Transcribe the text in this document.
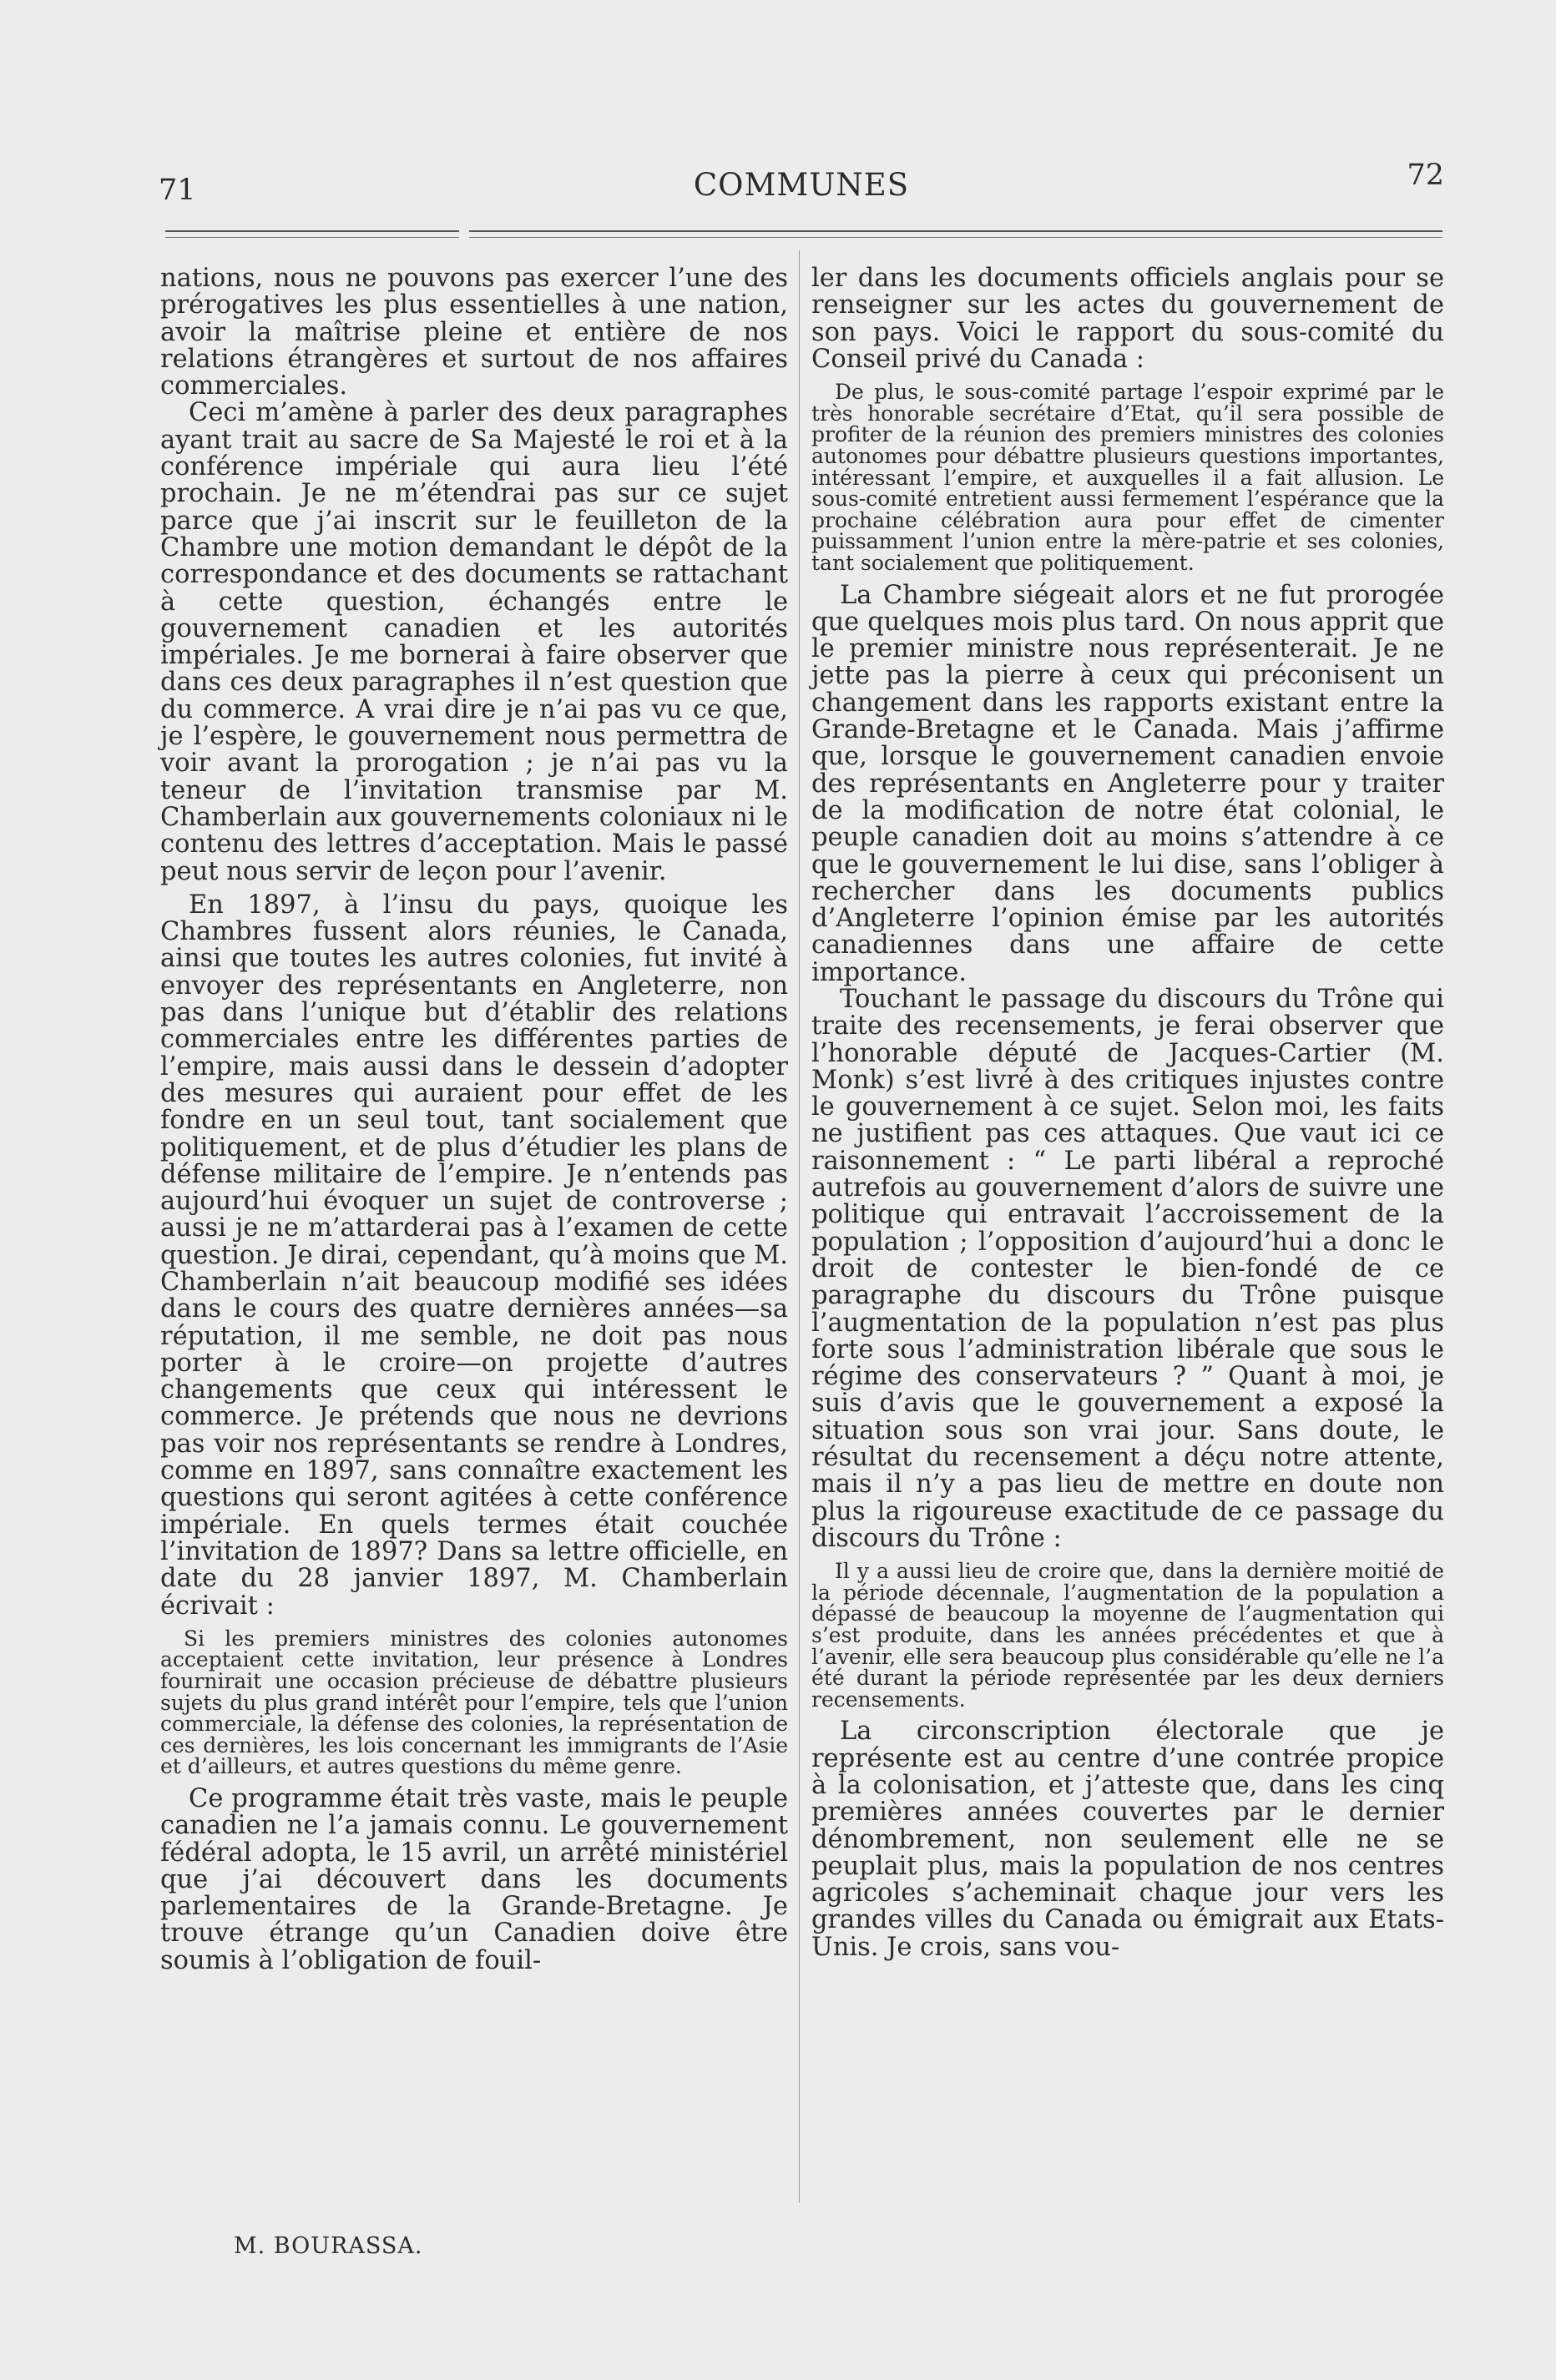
71	COMMUNES	72

nations, nous ne pouvons pas exercer l’une des prérogatives les plus essentielles à une nation, avoir la maîtrise pleine et entière de nos relations étrangères et surtout de nos affaires commerciales.

Ceci m’amène à parler des deux paragraphes ayant trait au sacre de Sa Majesté le roi et à la conférence impériale qui aura lieu l’été prochain. Je ne m’étendrai pas sur ce sujet parce que j’ai inscrit sur le feuilleton de la Chambre une motion demandant le dépôt de la correspondance et des documents se rattachant à cette question, échangés entre le gouvernement canadien et les autorités impériales. Je me bornerai à faire observer que dans ces deux paragraphes il n’est question que du commerce. A vrai dire je n’ai pas vu ce que, je l’espère, le gouvernement nous permettra de voir avant la prorogation ; je n’ai pas vu la teneur de l’invitation transmise par M. Chamberlain aux gouvernements coloniaux ni le contenu des lettres d’acceptation. Mais le passé peut nous servir de leçon pour l’avenir.

En 1897, à l’insu du pays, quoique les Chambres fussent alors réunies, le Canada, ainsi que toutes les autres colonies, fut invité à envoyer des représentants en Angleterre, non pas dans l’unique but d’établir des relations commerciales entre les différentes parties de l’empire, mais aussi dans le dessein d’adopter des mesures qui auraient pour effet de les fondre en un seul tout, tant socialement que politiquement, et de plus d’étudier les plans de défense militaire de l’empire. Je n’entends pas aujourd’hui évoquer un sujet de controverse ; aussi je ne m’attarderai pas à l’examen de cette question. Je dirai, cependant, qu’à moins que M. Chamberlain n’ait beaucoup modifié ses idées dans le cours des quatre dernières années—sa réputation, il me semble, ne doit pas nous porter à le croire—on projette d’autres changements que ceux qui intéressent le commerce. Je prétends que nous ne devrions pas voir nos représentants se rendre à Londres, comme en 1897, sans connaître exactement les questions qui seront agitées à cette conférence impériale. En quels termes était couchée l’invitation de 1897? Dans sa lettre officielle, en date du 28 janvier 1897, M. Chamberlain écrivait :

Si les premiers ministres des colonies autonomes acceptaient cette invitation, leur présence à Londres fournirait une occasion précieuse de débattre plusieurs sujets du plus grand intérêt pour l’empire, tels que l’union commerciale, la défense des colonies, la représentation de ces dernières, les lois concernant les immigrants de l’Asie et d’ailleurs, et autres questions du même genre.

Ce programme était très vaste, mais le peuple canadien ne l’a jamais connu. Le gouvernement fédéral adopta, le 15 avril, un arrêté ministériel que j’ai découvert dans les documents parlementaires de la Grande-Bretagne. Je trouve étrange qu’un Canadien doive être soumis à l’obligation de fouil-

ler dans les documents officiels anglais pour se renseigner sur les actes du gouvernement de son pays. Voici le rapport du sous-comité du Conseil privé du Canada :

De plus, le sous-comité partage l’espoir exprimé par le très honorable secrétaire d’Etat, qu’il sera possible de profiter de la réunion des premiers ministres des colonies autonomes pour débattre plusieurs questions importantes, intéressant l’empire, et auxquelles il a fait allusion. Le sous-comité entretient aussi fermement l’espérance que la prochaine célébration aura pour effet de cimenter puissamment l’union entre la mère-patrie et ses colonies, tant socialement que politiquement.

La Chambre siégeait alors et ne fut prorogée que quelques mois plus tard. On nous apprit que le premier ministre nous représenterait. Je ne jette pas la pierre à ceux qui préconisent un changement dans les rapports existant entre la Grande-Bretagne et le Canada. Mais j’affirme que, lorsque le gouvernement canadien envoie des représentants en Angleterre pour y traiter de la modification de notre état colonial, le peuple canadien doit au moins s’attendre à ce que le gouvernement le lui dise, sans l’obliger à rechercher dans les documents publics d’Angleterre l’opinion émise par les autorités canadiennes dans une affaire de cette importance.

Touchant le passage du discours du Trône qui traite des recensements, je ferai observer que l’honorable député de Jacques-Cartier (M. Monk) s’est livré à des critiques injustes contre le gouvernement à ce sujet. Selon moi, les faits ne justifient pas ces attaques. Que vaut ici ce raisonnement : “ Le parti libéral a reproché autrefois au gouvernement d’alors de suivre une politique qui entravait l’accroissement de la population ; l’opposition d’aujourd’hui a donc le droit de contester le bien-fondé de ce paragraphe du discours du Trône puisque l’augmentation de la population n’est pas plus forte sous l’administration libérale que sous le régime des conservateurs ? ” Quant à moi, je suis d’avis que le gouvernement a exposé la situation sous son vrai jour. Sans doute, le résultat du recensement a déçu notre attente, mais il n’y a pas lieu de mettre en doute non plus la rigoureuse exactitude de ce passage du discours du Trône :

Il y a aussi lieu de croire que, dans la dernière moitié de la période décennale, l’augmentation de la population a dépassé de beaucoup la moyenne de l’augmentation qui s’est produite, dans les années précédentes et que à l’avenir, elle sera beaucoup plus considérable qu’elle ne l’a été durant la période représentée par les deux derniers recensements.

La circonscription électorale que je représente est au centre d’une contrée propice à la colonisation, et j’atteste que, dans les cinq premières années couvertes par le dernier dénombrement, non seulement elle ne se peuplait plus, mais la population de nos centres agricoles s’acheminait chaque jour vers les grandes villes du Canada ou émigrait aux Etats-Unis. Je crois, sans vou-

M. BOURASSA.
